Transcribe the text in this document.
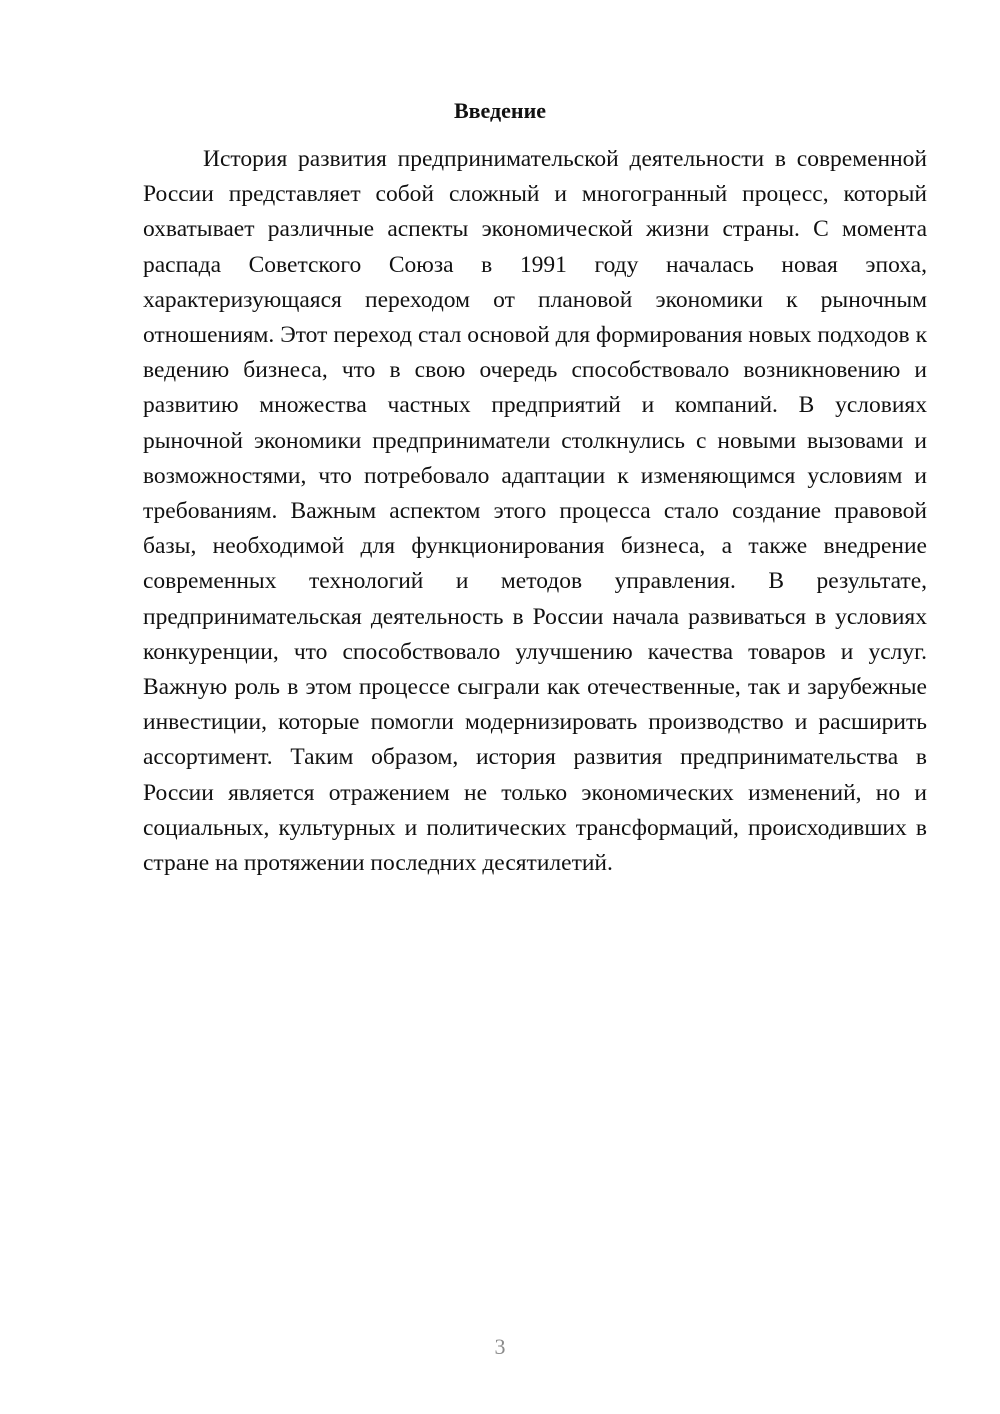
Введение

История развития предпринимательской деятельности в современной России представляет собой сложный и многогранный процесс, который охватывает различные аспекты экономической жизни страны. С момента распада Советского Союза в 1991 году началась новая эпоха, характеризующаяся переходом от плановой экономики к рыночным отношениям. Этот переход стал основой для формирования новых подходов к ведению бизнеса, что в свою очередь способствовало возникновению и развитию множества частных предприятий и компаний. В условиях рыночной экономики предприниматели столкнулись с новыми вызовами и возможностями, что потребовало адаптации к изменяющимся условиям и требованиям. Важным аспектом этого процесса стало создание правовой базы, необходимой для функционирования бизнеса, а также внедрение современных технологий и методов управления. В результате, предпринимательская деятельность в России начала развиваться в условиях конкуренции, что способствовало улучшению качества товаров и услуг. Важную роль в этом процессе сыграли как отечественные, так и зарубежные инвестиции, которые помогли модернизировать производство и расширить ассортимент. Таким образом, история развития предпринимательства в России является отражением не только экономических изменений, но и социальных, культурных и политических трансформаций, происходивших в стране на протяжении последних десятилетий.

3
